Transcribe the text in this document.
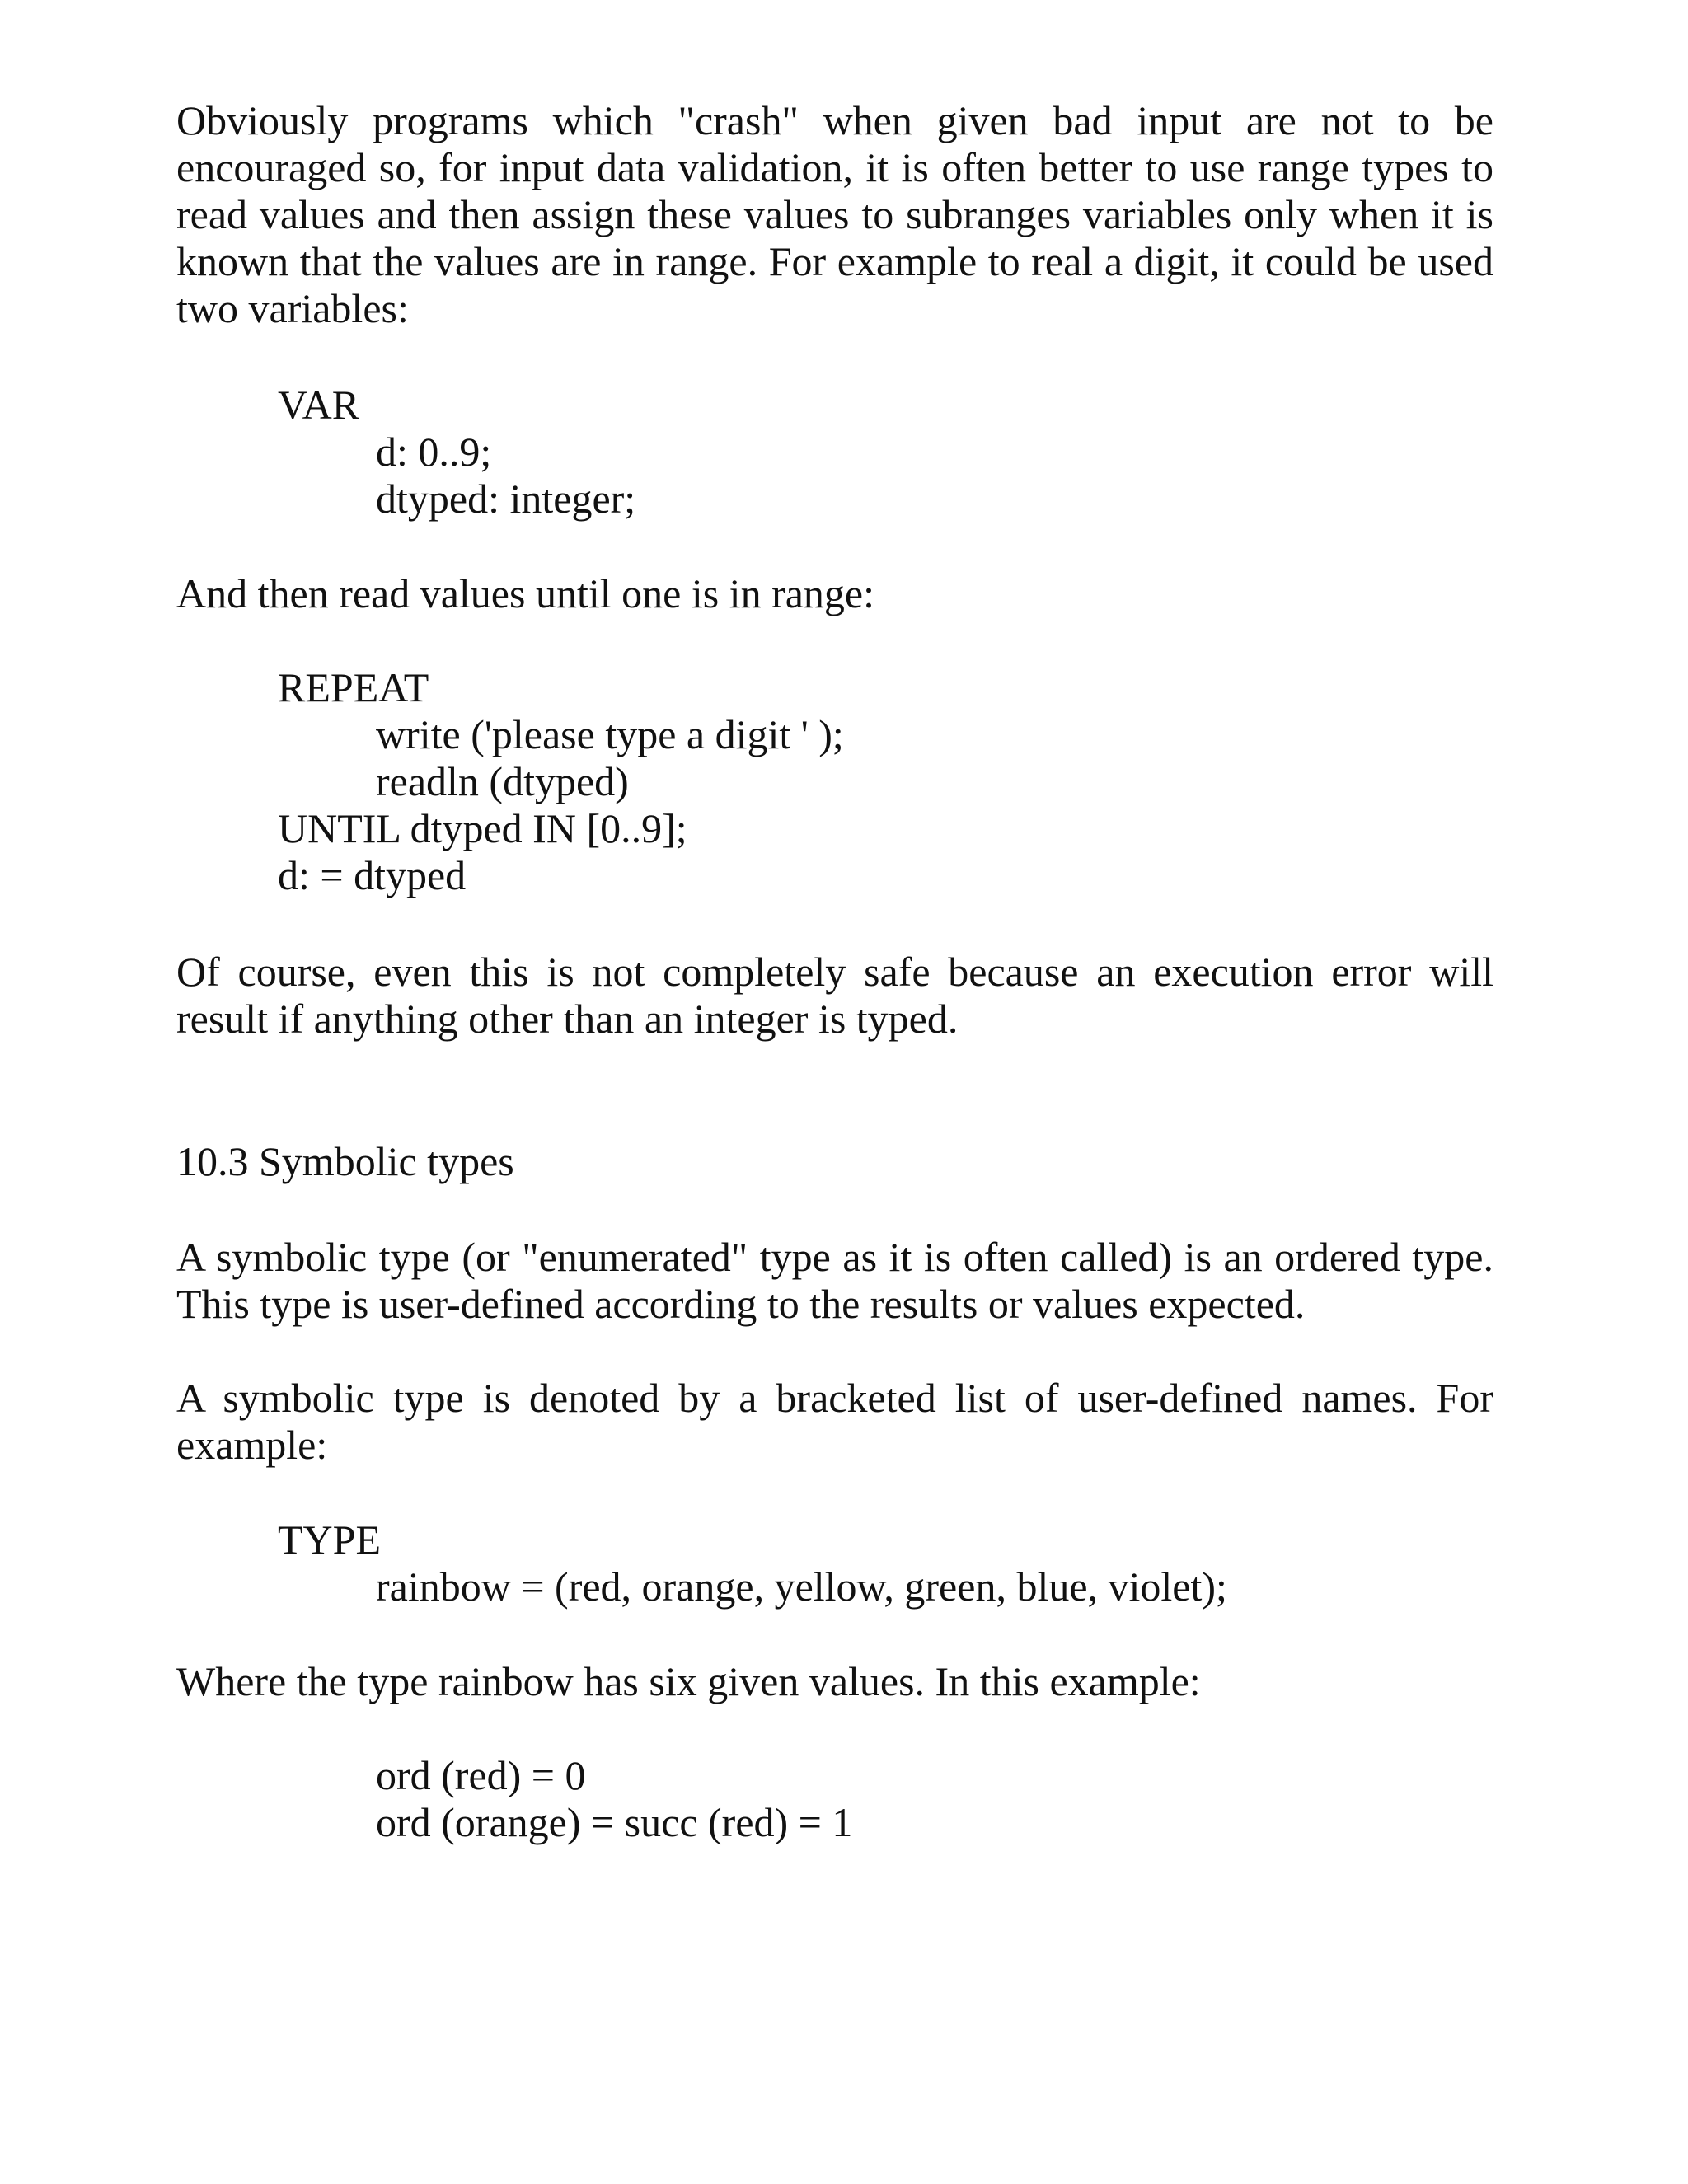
Obviously programs which "crash" when given bad input are not to be encouraged so, for input data validation, it is often better to use range types to read values and then assign these values to subranges variables only when it is known that the values are in range. For example to real a digit, it could be used two variables:

VAR
d: 0..9;
dtyped: integer;

And then read values until one is in range:

REPEAT
write ('please type a digit ' );
readln (dtyped)
UNTIL dtyped IN [0..9];
d: = dtyped

Of course, even this is not completely safe because an execution error will result if anything other than an integer is typed.

10.3 Symbolic types

A symbolic type (or "enumerated" type as it is often called) is an ordered type. This type is user-defined according to the results or values expected.

A symbolic type is denoted by a bracketed list of user-defined names. For example:

TYPE
rainbow = (red, orange, yellow, green, blue, violet);

Where the type rainbow has six given values. In this example:

ord (red) = 0
ord (orange) = succ (red) = 1
